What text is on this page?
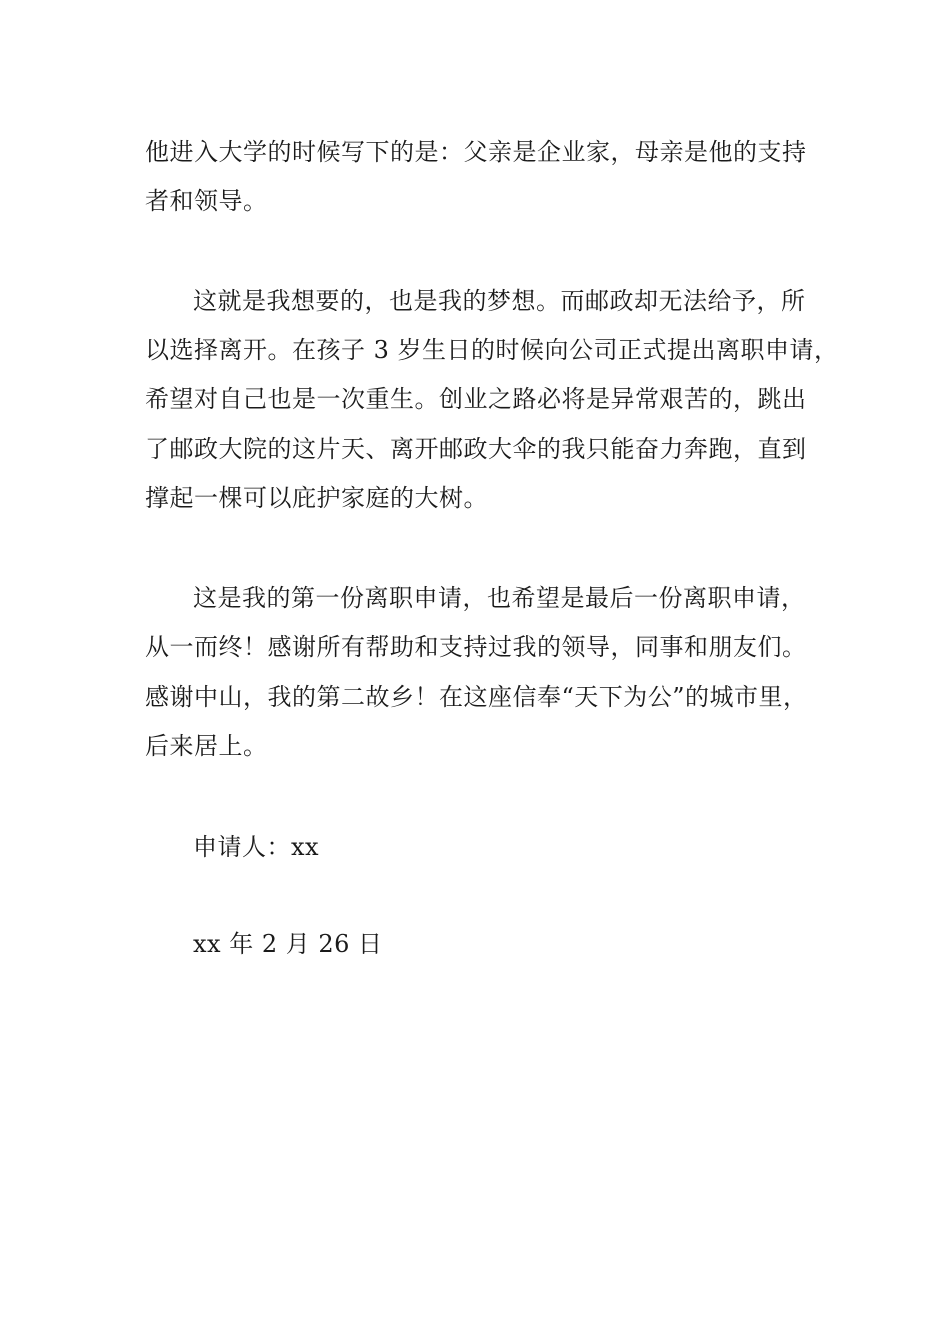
他进入大学的时候写下的是：父亲是企业家，母亲是他的支持
者和领导。
这就是我想要的，也是我的梦想。而邮政却无法给予，所
以选择离开。在孩子 3 岁生日的时候向公司正式提出离职申请，
希望对自己也是一次重生。创业之路必将是异常艰苦的，跳出
了邮政大院的这片天、离开邮政大伞的我只能奋力奔跑，直到
撑起一棵可以庇护家庭的大树。
这是我的第一份离职申请，也希望是最后一份离职申请，
从一而终！感谢所有帮助和支持过我的领导，同事和朋友们。
感谢中山，我的第二故乡！在这座信奉“天下为公”的城市里，
后来居上。
申请人：xx
xx 年 2 月 26 日
